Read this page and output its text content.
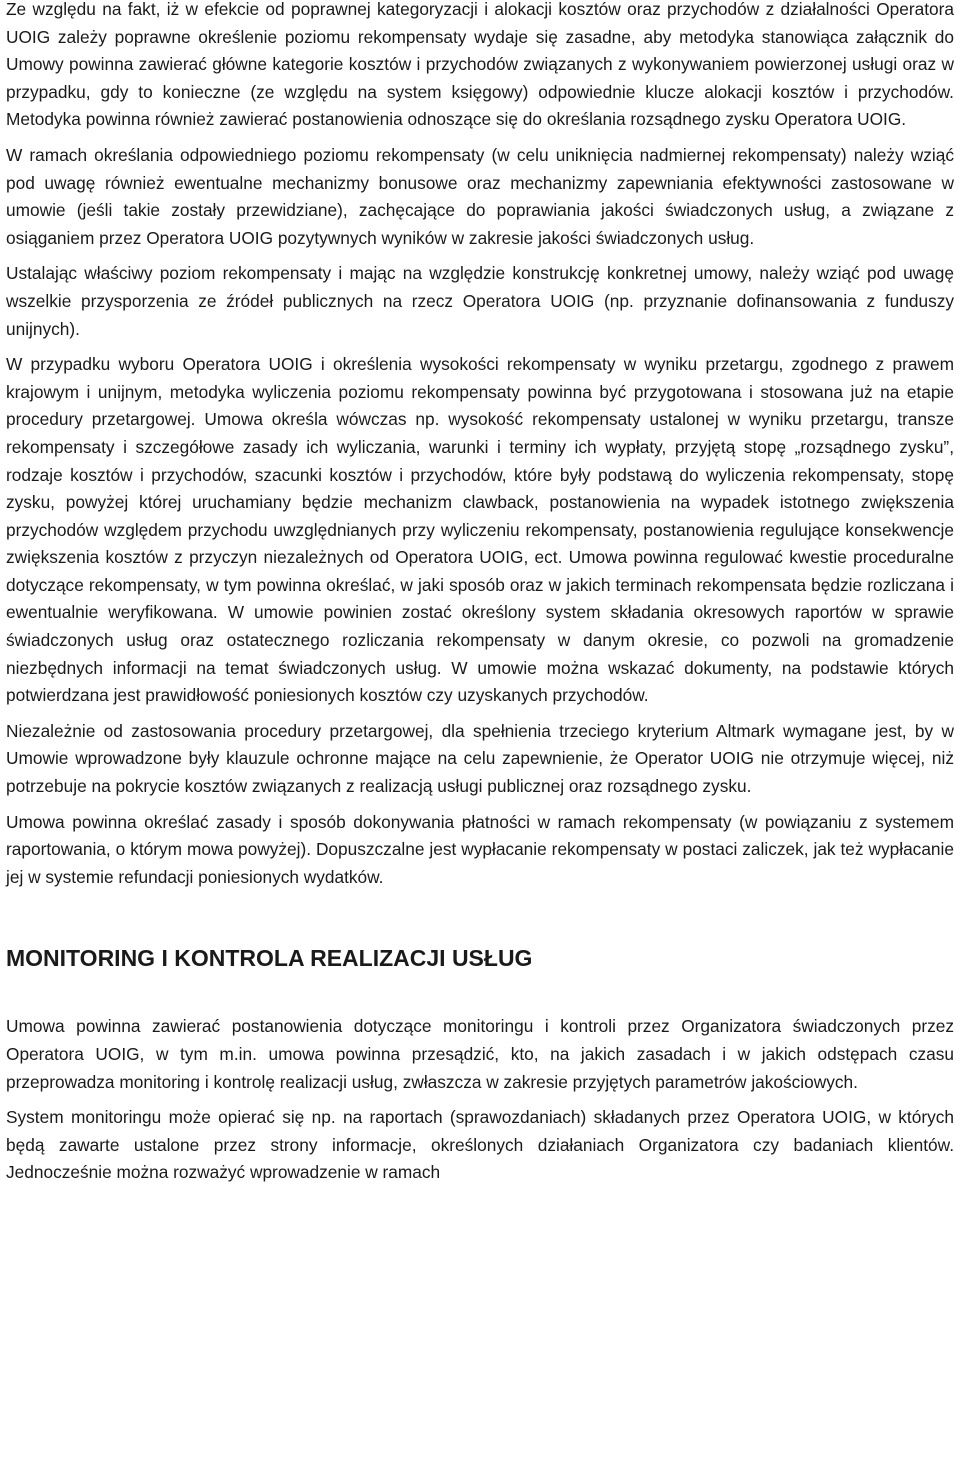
Ze względu na fakt, iż w efekcie od poprawnej kategoryzacji i alokacji kosztów oraz przychodów z działalności Operatora UOIG zależy poprawne określenie poziomu rekompensaty wydaje się zasadne, aby metodyka stanowiąca załącznik do Umowy powinna zawierać główne kategorie kosztów i przychodów związanych z wykonywaniem powierzonej usługi oraz w przypadku, gdy to konieczne (ze względu na system księgowy) odpowiednie klucze alokacji kosztów i przychodów. Metodyka powinna również zawierać postanowienia odnoszące się do określania rozsądnego zysku Operatora UOIG.

W ramach określania odpowiedniego poziomu rekompensaty (w celu uniknięcia nadmiernej rekompensaty) należy wziąć pod uwagę również ewentualne mechanizmy bonusowe oraz mechanizmy zapewniania efektywności zastosowane w umowie (jeśli takie zostały przewidziane), zachęcające do poprawiania jakości świadczonych usług, a związane z osiąganiem przez Operatora UOIG pozytywnych wyników w zakresie jakości świadczonych usług.

Ustalając właściwy poziom rekompensaty i mając na względzie konstrukcję konkretnej umowy, należy wziąć pod uwagę wszelkie przysporzenia ze źródeł publicznych na rzecz Operatora UOIG (np. przyznanie dofinansowania z funduszy unijnych).

W przypadku wyboru Operatora UOIG i określenia wysokości rekompensaty w wyniku przetargu, zgodnego z prawem krajowym i unijnym, metodyka wyliczenia poziomu rekompensaty powinna być przygotowana i stosowana już na etapie procedury przetargowej. Umowa określa wówczas np. wysokość rekompensaty ustalonej w wyniku przetargu, transze rekompensaty i szczegółowe zasady ich wyliczania, warunki i terminy ich wypłaty, przyjętą stopę „rozsądnego zysku”, rodzaje kosztów i przychodów, szacunki kosztów i przychodów, które były podstawą do wyliczenia rekompensaty, stopę zysku, powyżej której uruchamiany będzie mechanizm clawback, postanowienia na wypadek istotnego zwiększenia przychodów względem przychodu uwzględnianych przy wyliczeniu rekompensaty, postanowienia regulujące konsekwencje zwiększenia kosztów z przyczyn niezależnych od Operatora UOIG, ect. Umowa powinna regulować kwestie proceduralne dotyczące rekompensaty, w tym powinna określać, w jaki sposób oraz w jakich terminach rekompensata będzie rozliczana i ewentualnie weryfikowana. W umowie powinien zostać określony system składania okresowych raportów w sprawie świadczonych usług oraz ostatecznego rozliczania rekompensaty w danym okresie, co pozwoli na gromadzenie niezbędnych informacji na temat świadczonych usług. W umowie można wskazać dokumenty, na podstawie których potwierdzana jest prawidłowość poniesionych kosztów czy uzyskanych przychodów.

Niezależnie od zastosowania procedury przetargowej, dla spełnienia trzeciego kryterium Altmark wymagane jest, by w Umowie wprowadzone były klauzule ochronne mające na celu zapewnienie, że Operator UOIG nie otrzymuje więcej, niż potrzebuje na pokrycie kosztów związanych z realizacją usługi publicznej oraz rozsądnego zysku.

Umowa powinna określać zasady i sposób dokonywania płatności w ramach rekompensaty (w powiązaniu z systemem raportowania, o którym mowa powyżej). Dopuszczalne jest wypłacanie rekompensaty w postaci zaliczek, jak też wypłacanie jej w systemie refundacji poniesionych wydatków.

MONITORING I KONTROLA REALIZACJI USŁUG

Umowa powinna zawierać postanowienia dotyczące monitoringu i kontroli przez Organizatora świadczonych przez Operatora UOIG, w tym m.in. umowa powinna przesądzić, kto, na jakich zasadach i w jakich odstępach czasu przeprowadza monitoring i kontrolę realizacji usług, zwłaszcza w zakresie przyjętych parametrów jakościowych.

System monitoringu może opierać się np. na raportach (sprawozdaniach) składanych przez Operatora UOIG, w których będą zawarte ustalone przez strony informacje, określonych działaniach Organizatora czy badaniach klientów. Jednocześnie można rozważyć wprowadzenie w ramach
